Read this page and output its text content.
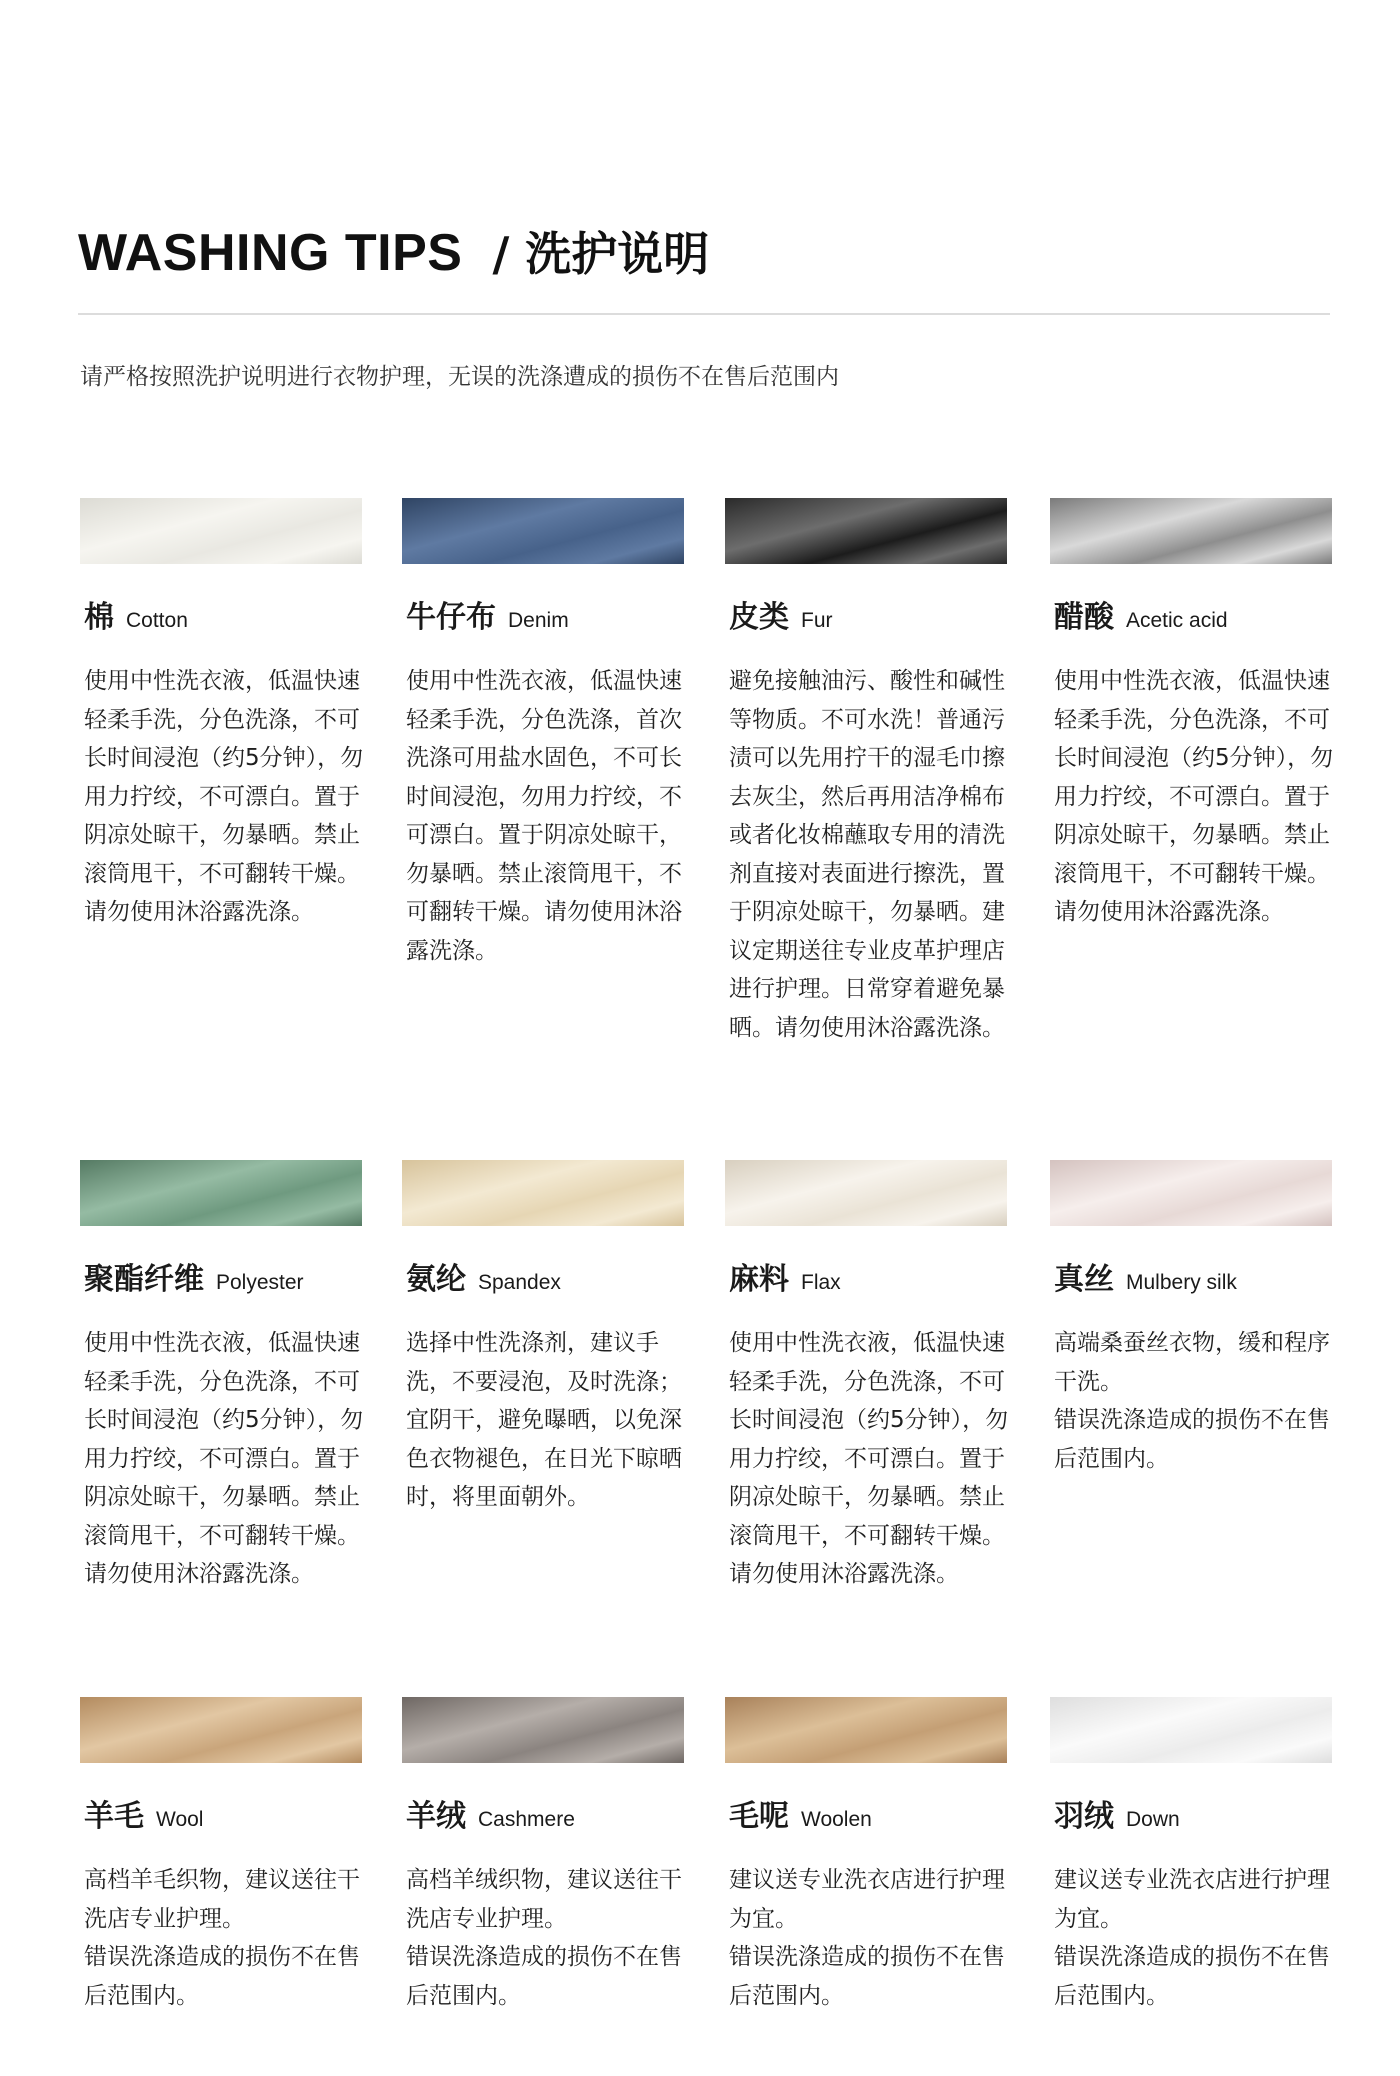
WASHING TIPS / 洗护说明
请严格按照洗护说明进行衣物护理，无误的洗涤遭成的损伤不在售后范围内
棉 Cotton

使用中性洗衣液，低温快速轻柔手洗，分色洗涤，不可长时间浸泡（约5分钟），勿用力拧绞，不可漂白。置于阴凉处晾干，勿暴晒。禁止滚筒甩干，不可翻转干燥。请勿使用沐浴露洗涤。

牛仔布 Denim

使用中性洗衣液，低温快速轻柔手洗，分色洗涤，首次洗涤可用盐水固色，不可长时间浸泡，勿用力拧绞，不可漂白。置于阴凉处晾干，勿暴晒。禁止滚筒甩干，不可翻转干燥。请勿使用沐浴露洗涤。

皮类 Fur

避免接触油污、酸性和碱性等物质。不可水洗！普通污渍可以先用拧干的湿毛巾擦去灰尘，然后再用洁净棉布或者化妆棉蘸取专用的清洗剂直接对表面进行擦洗，置于阴凉处晾干，勿暴晒。建议定期送往专业皮革护理店进行护理。日常穿着避免暴晒。请勿使用沐浴露洗涤。

醋酸 Acetic acid

使用中性洗衣液，低温快速轻柔手洗，分色洗涤，不可长时间浸泡（约5分钟），勿用力拧绞，不可漂白。置于阴凉处晾干，勿暴晒。禁止滚筒甩干，不可翻转干燥。请勿使用沐浴露洗涤。

聚酯纤维 Polyester

使用中性洗衣液，低温快速轻柔手洗，分色洗涤，不可长时间浸泡（约5分钟），勿用力拧绞，不可漂白。置于阴凉处晾干，勿暴晒。禁止滚筒甩干，不可翻转干燥。请勿使用沐浴露洗涤。

氨纶 Spandex

选择中性洗涤剂，建议手洗，不要浸泡，及时洗涤；宜阴干，避免曝晒，以免深色衣物褪色，在日光下晾晒时，将里面朝外。

麻料 Flax

使用中性洗衣液，低温快速轻柔手洗，分色洗涤，不可长时间浸泡（约5分钟），勿用力拧绞，不可漂白。置于阴凉处晾干，勿暴晒。禁止滚筒甩干，不可翻转干燥。请勿使用沐浴露洗涤。

真丝 Mulbery silk

高端桑蚕丝衣物，缓和程序干洗。

错误洗涤造成的损伤不在售后范围内。

羊毛 Wool

高档羊毛织物，建议送往干洗店专业护理。

错误洗涤造成的损伤不在售后范围内。

羊绒 Cashmere

高档羊绒织物，建议送往干洗店专业护理。

错误洗涤造成的损伤不在售后范围内。

毛呢 Woolen

建议送专业洗衣店进行护理为宜。

错误洗涤造成的损伤不在售后范围内。

羽绒 Down

建议送专业洗衣店进行护理为宜。

错误洗涤造成的损伤不在售后范围内。
